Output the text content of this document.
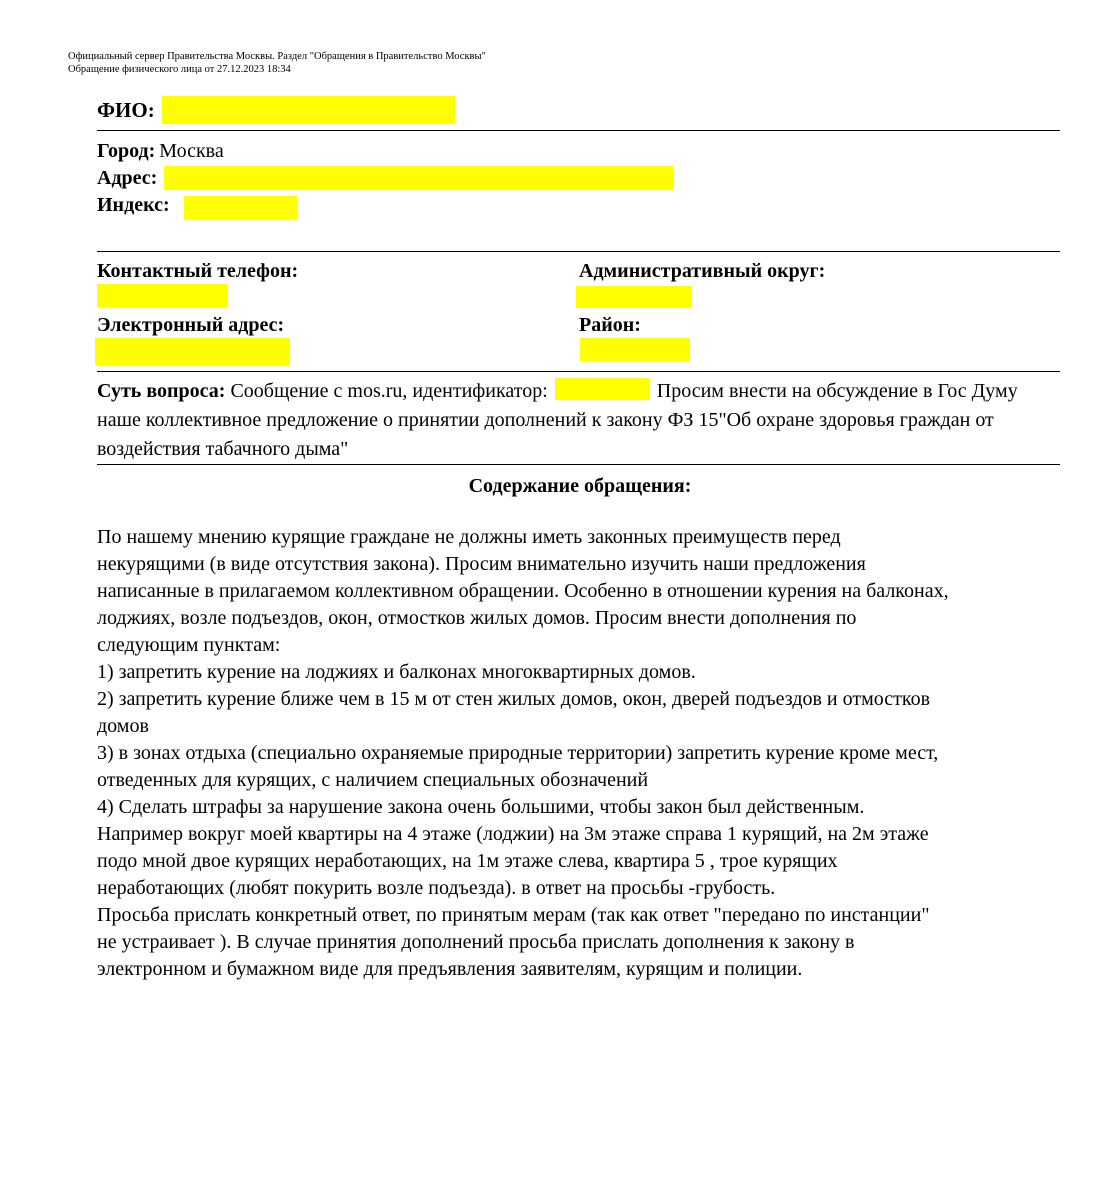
Официальный сервер Правительства Москвы. Раздел "Обращения в Правительство Москвы"
Обращение физического лица от 27.12.2023 18:34
ФИО:
Город: Москва
Адрес:
Индекс:
Контактный телефон:	Административный округ:
Электронный адрес:	Район:
Суть вопроса: Сообщение с mos.ru, идентификатор:	Просим внести на обсуждение в Гос Думу наше коллективное предложение о принятии дополнений к закону ФЗ 15"Об охране здоровья граждан от воздействия табачного дыма"
Содержание обращения:
По нашему мнению курящие граждане не должны иметь законных преимуществ перед
некурящими (в виде отсутствия закона). Просим внимательно изучить наши предложения
написанные в прилагаемом коллективном обращении. Особенно в отношении курения на балконах,
лоджиях, возле подъездов, окон, отмостков жилых домов. Просим внести дополнения по
следующим пунктам:
1) запретить курение на лоджиях и балконах многоквартирных домов.
2) запретить курение ближе чем в 15 м от стен жилых домов, окон, дверей подъездов и отмостков
домов
3) в зонах отдыха (специально охраняемые природные территории) запретить курение кроме мест,
отведенных для курящих, с наличием специальных обозначений
4) Сделать штрафы за нарушение закона очень большими, чтобы закон был действенным.
Например вокруг моей квартиры на 4 этаже (лоджии) на 3м этаже справа 1 курящий, на 2м этаже
подо мной двое курящих неработающих, на 1м этаже слева, квартира 5 , трое курящих
неработающих (любят покурить возле подъезда). в ответ на просьбы -грубость.
Просьба прислать конкретный ответ, по принятым мерам (так как ответ "передано по инстанции"
не устраивает ). В случае принятия дополнений просьба прислать дополнения к закону в
электронном и бумажном виде для предъявления заявителям, курящим и полиции.
